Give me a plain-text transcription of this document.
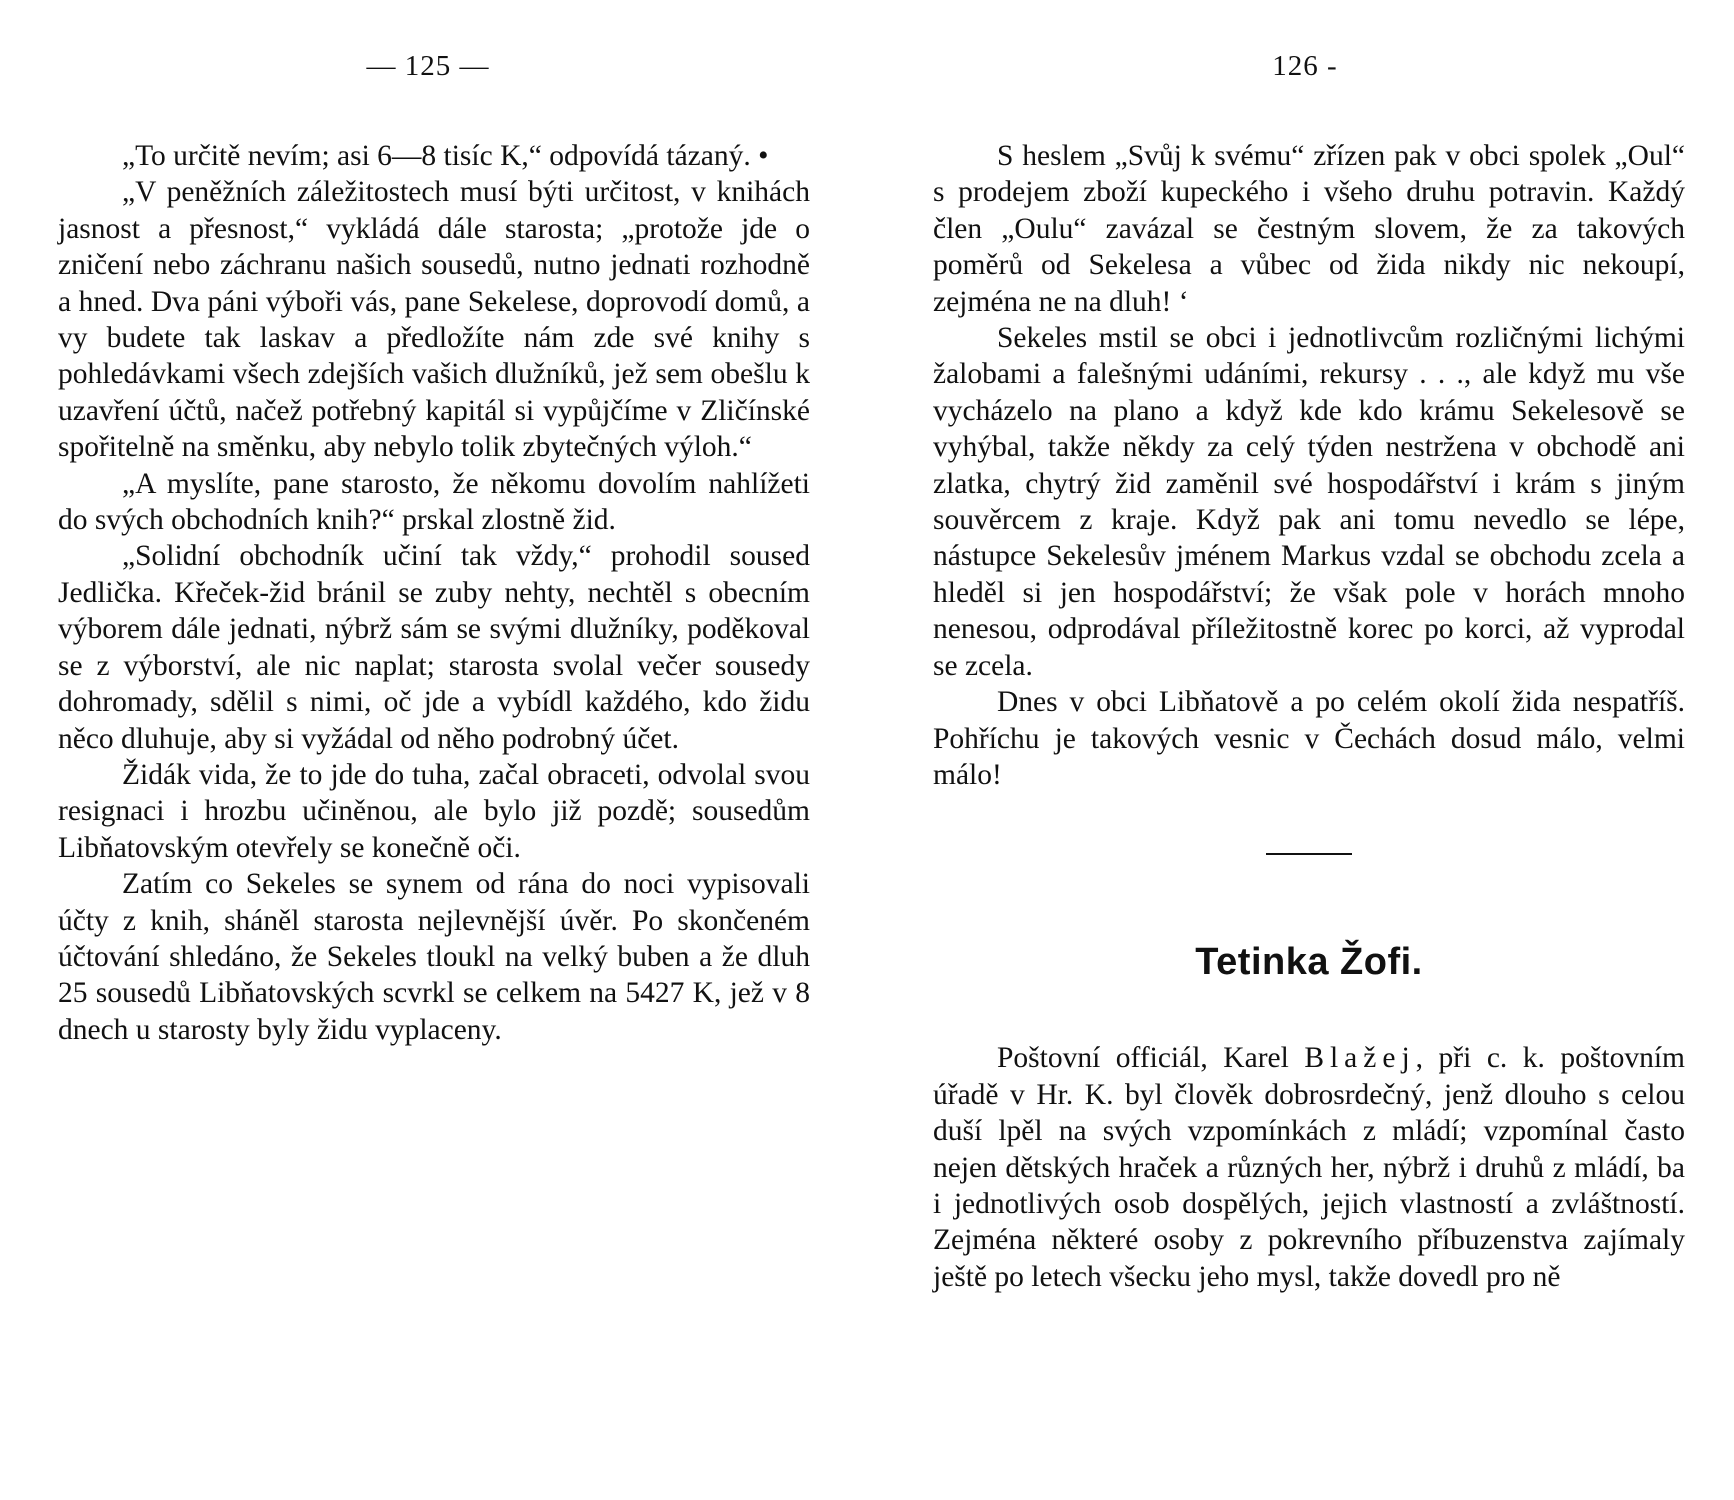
— 125 —

„To určitě nevím; asi 6—8 tisíc K,“ odpovídá tázaný. •

„V peněžních záležitostech musí býti určitost, v knihách jasnost a přesnost,“ vykládá dále starosta; „protože jde o zničení nebo záchranu našich sousedů, nutno jednati rozhodně a hned. Dva páni výboři vás, pane Sekelese, doprovodí domů, a vy budete tak laskav a předložíte nám zde své knihy s pohledávkami všech zdejších vašich dlužníků, jež sem obešlu k uzavření účtů, načež potřebný kapitál si vypůjčíme v Zličínské spořitelně na směnku, aby nebylo tolik zbytečných výloh.“

„A myslíte, pane starosto, že někomu dovolím nahlížeti do svých obchodních knih?“ prskal zlostně žid.

„Solidní obchodník učiní tak vždy,“ prohodil soused Jedlička. Křeček-žid bránil se zuby nehty, nechtěl s obecním výborem dále jednati, nýbrž sám se svými dlužníky, poděkoval se z výborství, ale nic naplat; starosta svolal večer sousedy dohromady, sdělil s nimi, oč jde a vybídl každého, kdo židu něco dluhuje, aby si vyžádal od něho podrobný účet.

Židák vida, že to jde do tuha, začal obraceti, odvolal svou resignaci i hrozbu učiněnou, ale bylo již pozdě; sousedům Libňatovským otevřely se konečně oči.

Zatím co Sekeles se synem od rána do noci vypisovali účty z knih, sháněl starosta nejlevnější úvěr. Po skončeném účtování shledáno, že Sekeles tloukl na velký buben a že dluh 25 sousedů Libňatovských scvrkl se celkem na 5427 K, jež v 8 dnech u starosty byly židu vyplaceny.

126 -

S heslem „Svůj k svému“ zřízen pak v obci spolek „Oul“ s prodejem zboží kupeckého i všeho druhu potravin. Každý člen „Oulu“ zavázal se čestným slovem, že za takových poměrů od Sekelesa a vůbec od žida nikdy nic nekoupí, zejména ne na dluh! ‘

Sekeles mstil se obci i jednotlivcům rozličnými lichými žalobami a falešnými udáními, rekursy . . ., ale když mu vše vycházelo na plano a když kde kdo krámu Sekelesově se vyhýbal, takže někdy za celý týden nestržena v obchodě ani zlatka, chytrý žid zaměnil své hospodářství i krám s jiným souvěrcem z kraje. Když pak ani tomu nevedlo se lépe, nástupce Sekelesův jménem Markus vzdal se obchodu zcela a hleděl si jen hospodářství; že však pole v horách mnoho nenesou, odprodával příležitostně korec po korci, až vyprodal se zcela.

Dnes v obci Libňatově a po celém okolí žida nespatříš. Pohříchu je takových vesnic v Čechách dosud málo, velmi málo!

Tetinka Žofi.

Poštovní officiál, Karel Blažej, při c. k. poštovním úřadě v Hr. K. byl člověk dobrosrdečný, jenž dlouho s celou duší lpěl na svých vzpomínkách z mládí; vzpomínal často nejen dětských hraček a různých her, nýbrž i druhů z mládí, ba i jednotlivých osob dospělých, jejich vlastností a zvláštností. Zejména některé osoby z pokrevního příbuzenstva zajímaly ještě po letech všecku jeho mysl, takže dovedl pro ně
